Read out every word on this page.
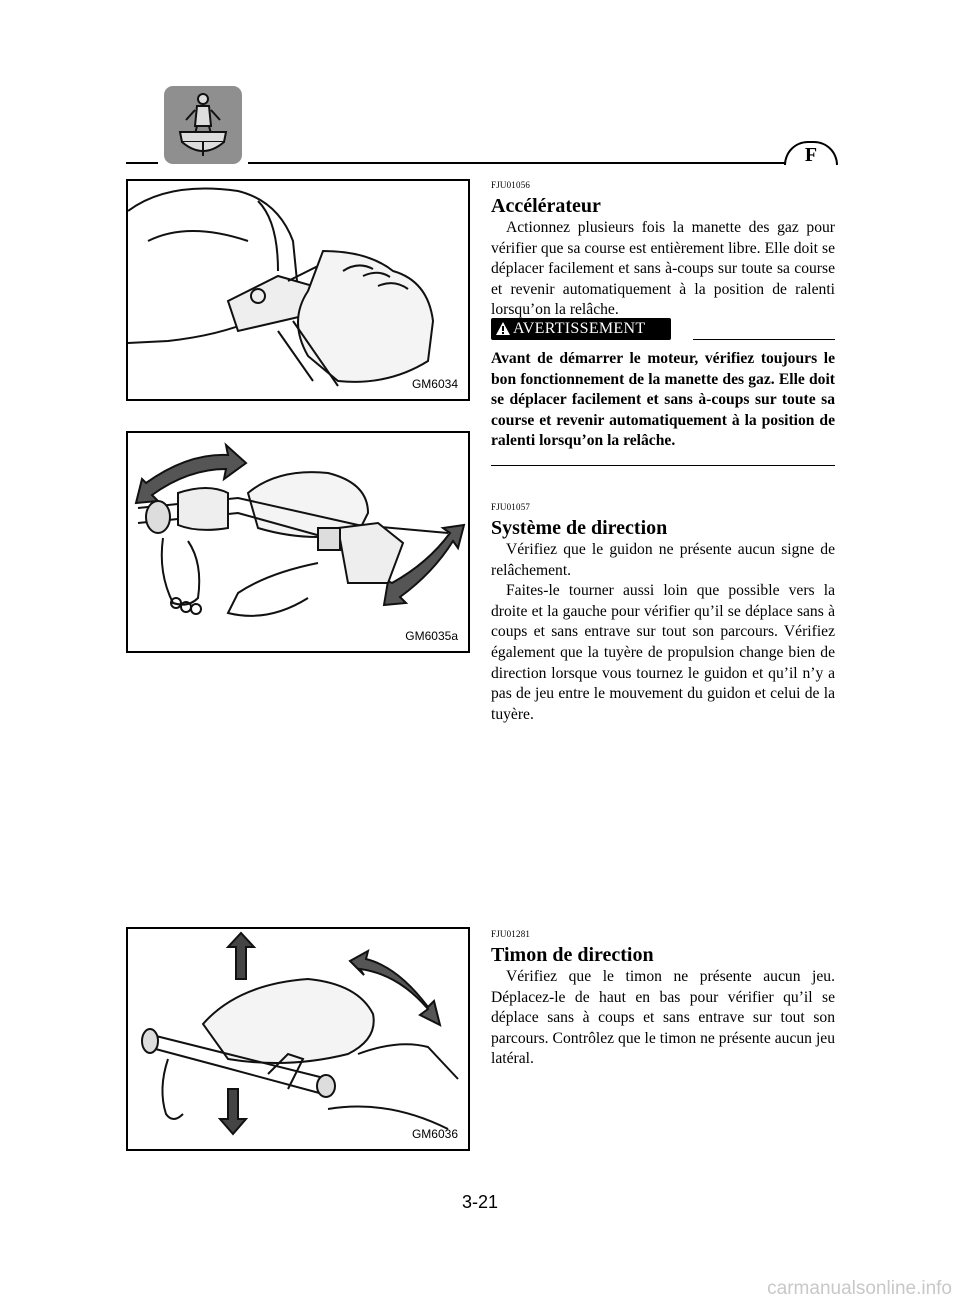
F
GM6034
GM6035a
GM6036
FJU01056
Accélérateur

Actionnez plusieurs fois la manette des gaz pour vérifier que sa course est entièrement libre. Elle doit se déplacer facilement et sans à-coups sur toute sa course et revenir automatiquement à la position de ralenti lorsqu’on la relâche.

AVERTISSEMENT

Avant de démarrer le moteur, vérifiez toujours le bon fonctionnement de la manette des gaz. Elle doit se déplacer facilement et sans à-coups sur toute sa course et revenir automatiquement à la position de ralenti lorsqu’on la relâche.

FJU01057
Système de direction

Vérifiez que le guidon ne présente aucun signe de relâchement.

Faites-le tourner aussi loin que possible vers la droite et la gauche pour vérifier qu’il se déplace sans à coups et sans entrave sur tout son parcours. Vérifiez également que la tuyère de propulsion change bien de direction lorsque vous tournez le guidon et qu’il n’y a pas de jeu entre le mouvement du guidon et celui de la tuyère.

FJU01281
Timon de direction

Vérifiez que le timon ne présente aucun jeu. Déplacez-le de haut en bas pour vérifier qu’il se déplace sans à coups et sans entrave sur tout son parcours. Contrôlez que le timon ne présente aucun jeu latéral.

3-21
carmanualsonline.info
